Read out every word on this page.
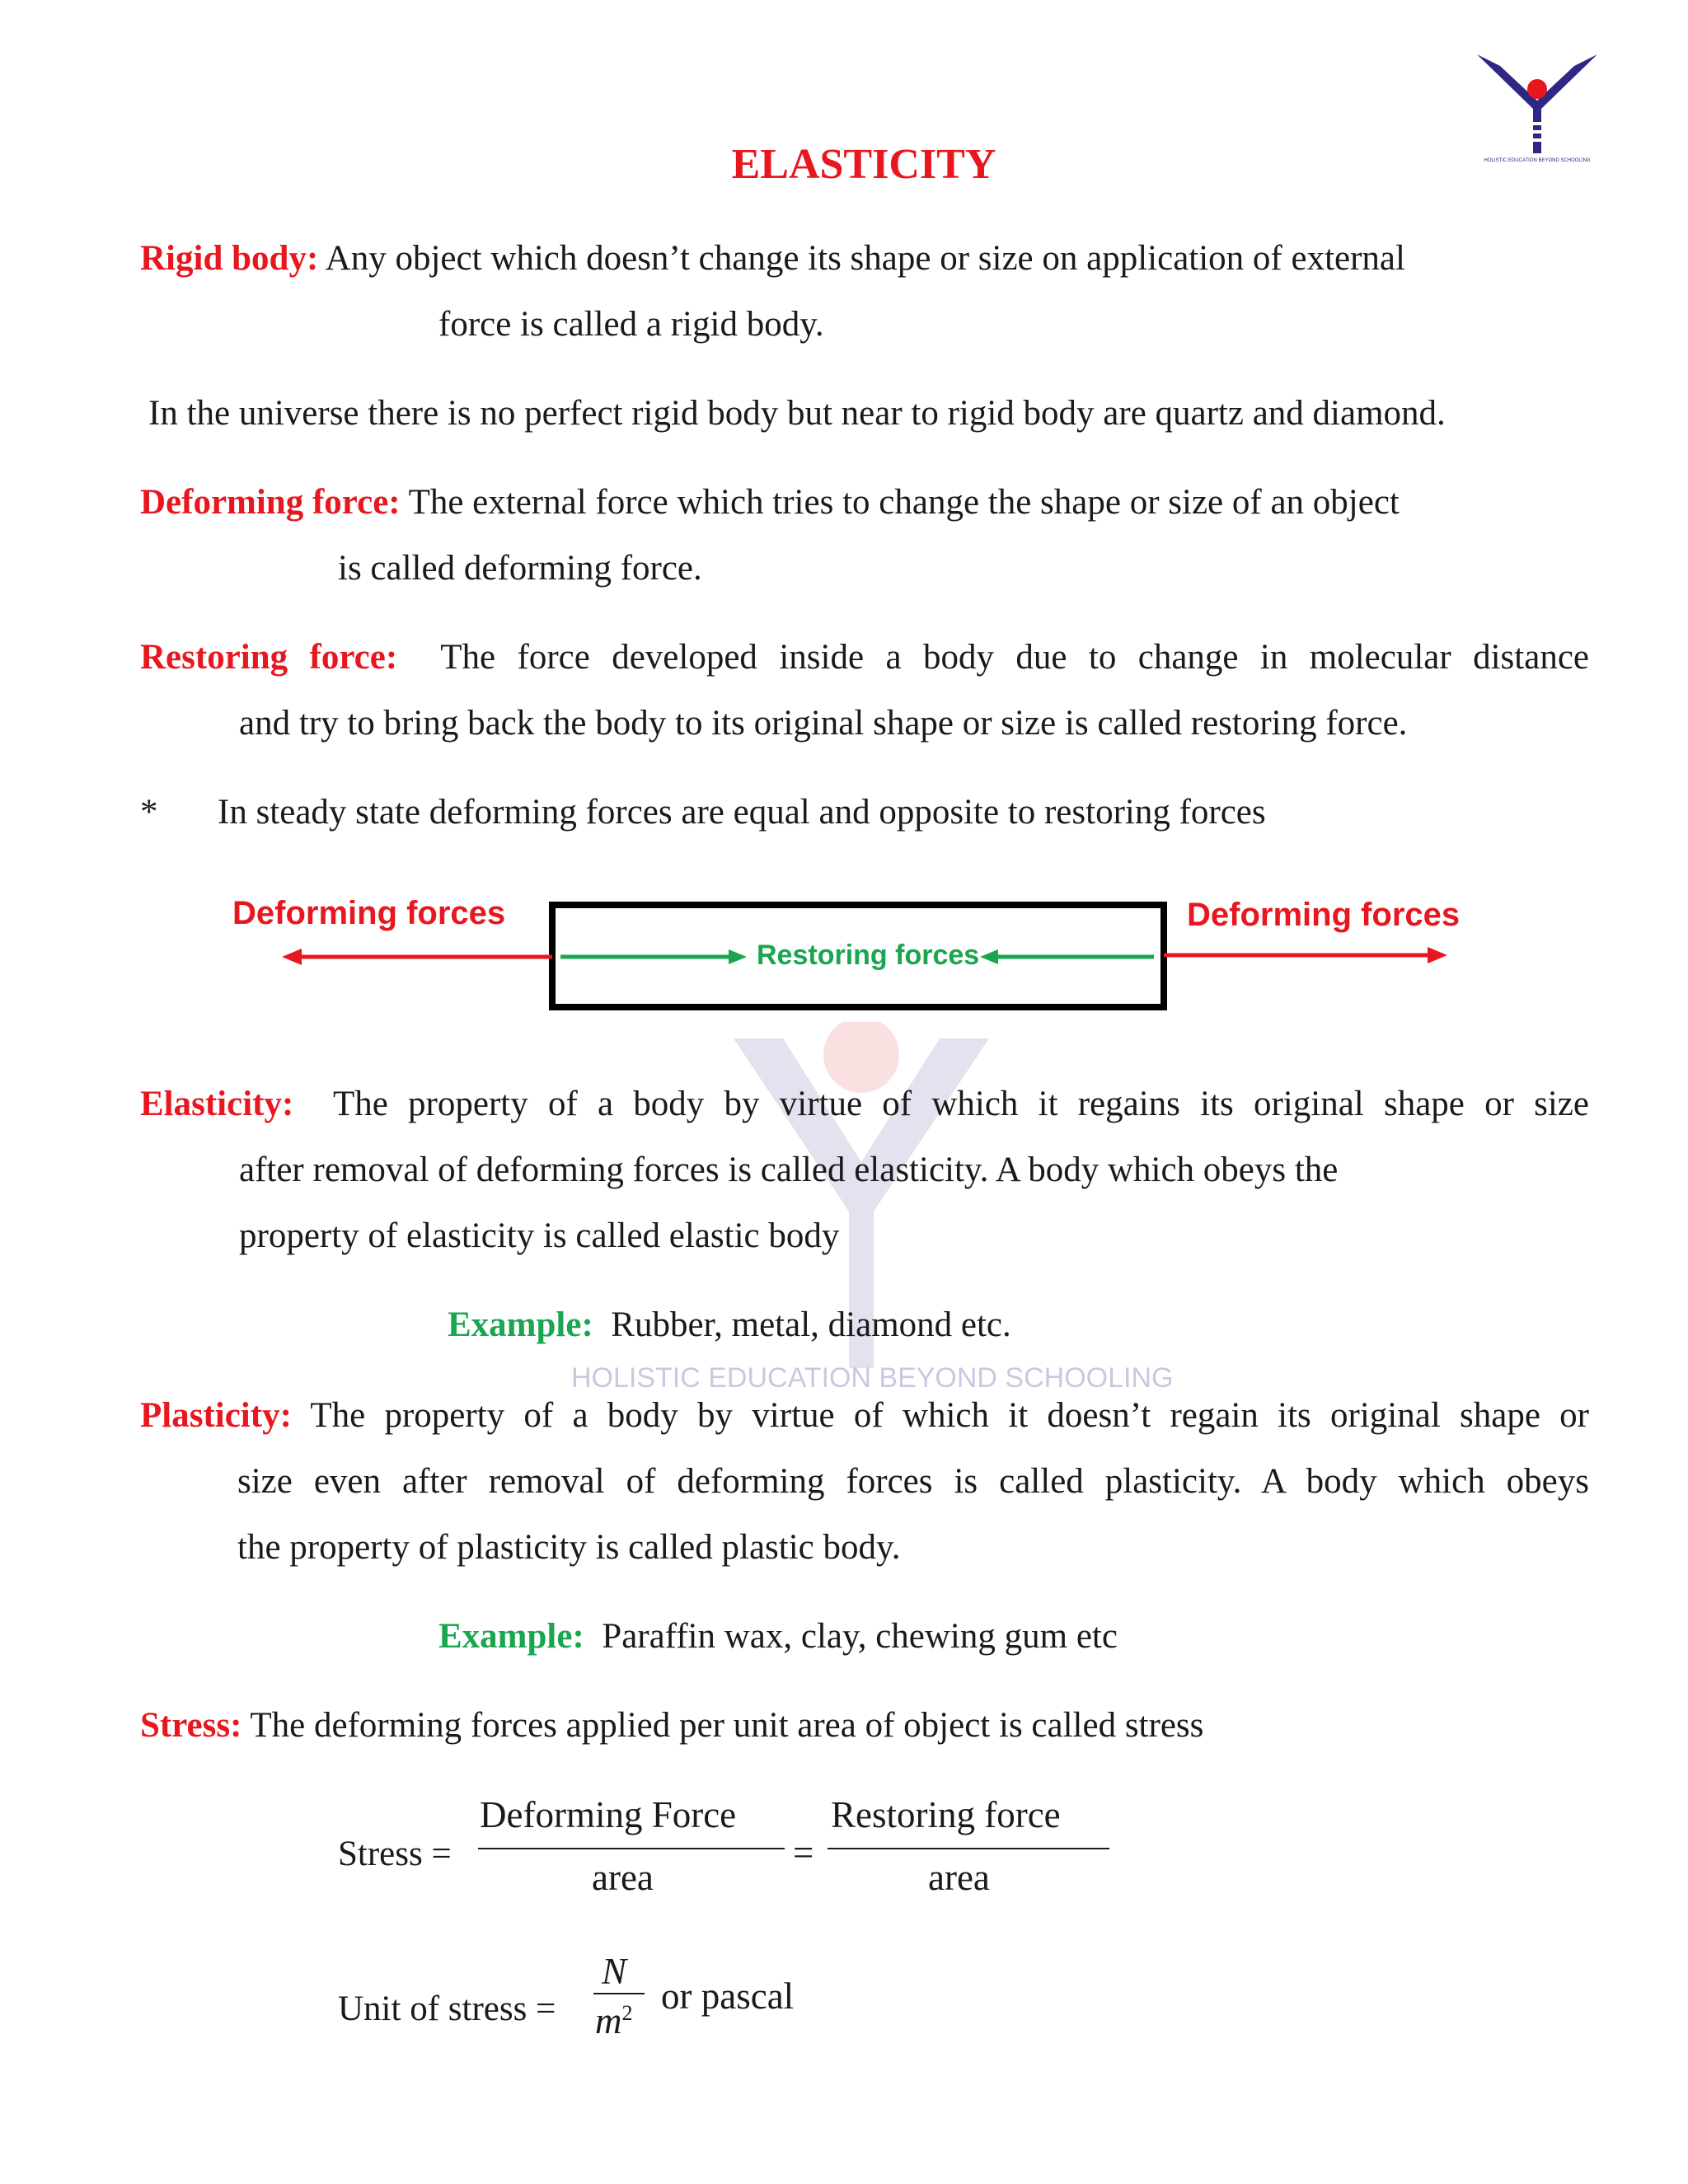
HOLISTIC EDUCATION BEYOND SCHOOLING
HOLISTIC EDUCATION BEYOND SCHOOLING
ELASTICITY
Rigid body: Any object which doesn’t change its shape or size on application of external
force is called a rigid body.
In the universe there is no perfect rigid body but near to rigid body are quartz and diamond.
Deforming force: The external force which tries to change the shape or size of an object
is called deforming force.
Restoring force: The force developed inside a body due to change in molecular distance
and try to bring back the body to its original shape or size is called restoring force.
* In steady state deforming forces are equal and opposite to restoring forces
Deforming forces	Deforming forces
Restoring forces
Elasticity: The property of a body by virtue of which it regains its original shape or size
after removal of deforming forces is called elasticity. A body which obeys the
property of elasticity is called elastic body
Example: Rubber, metal, diamond etc.
Plasticity: The property of a body by virtue of which it doesn’t regain its original shape or
size even after removal of deforming forces is called plasticity. A body which obeys
the property of plasticity is called plastic body.
Example: Paraffin wax, clay, chewing gum etc
Stress: The deforming forces applied per unit area of object is called stress
Stress =
Deforming Force
area
=
Restoring force
area
Unit of stress =
N
$m^2$ or pascal
